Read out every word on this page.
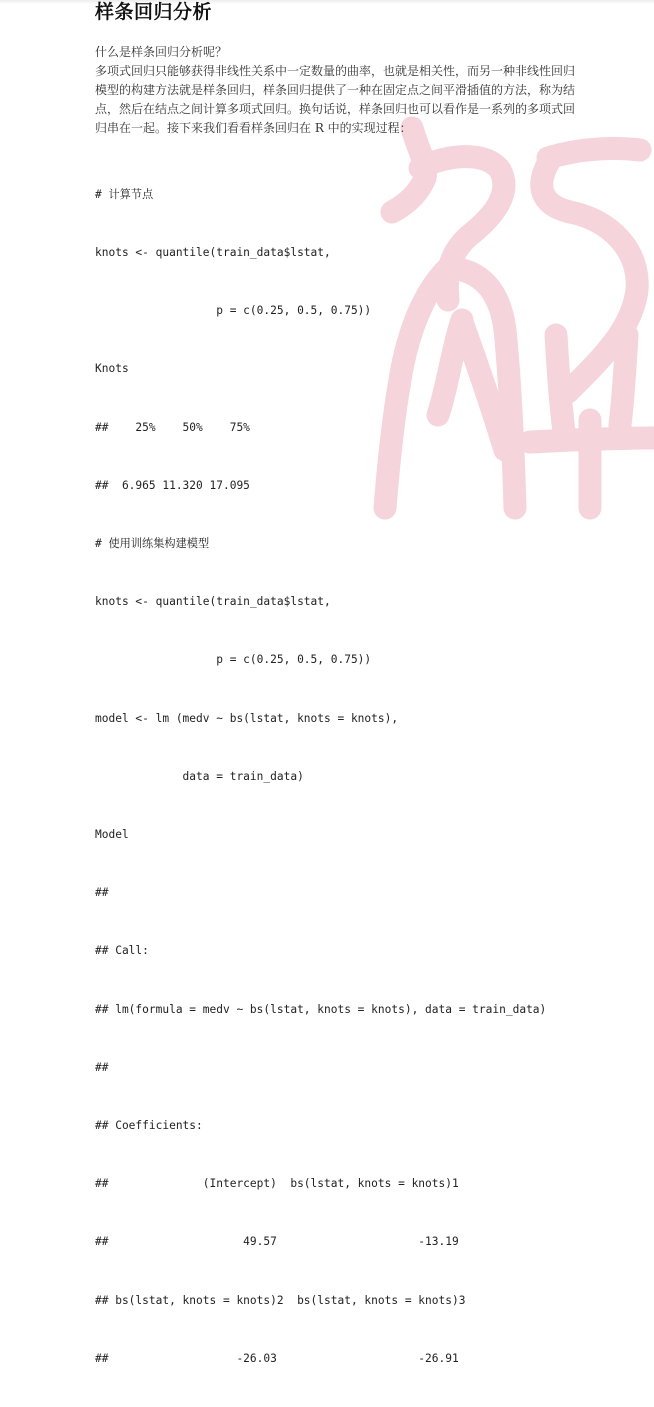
样条回归分析
什么是样条回归分析呢？
多项式回归只能够获得非线性关系中一定数量的曲率，也就是相关性，而另一种非线性回归
模型的构建方法就是样条回归，样条回归提供了一种在固定点之间平滑插值的方法，称为结
点，然后在结点之间计算多项式回归。换句话说，样条回归也可以看作是一系列的多项式回
归串在一起。接下来我们看看样条回归在 R 中的实现过程：

# 计算节点

knots <- quantile(train_data$lstat,

p = c(0.25, 0.5, 0.75))

Knots

##    25%    50%    75%

##  6.965 11.320 17.095

# 使用训练集构建模型

knots <- quantile(train_data$lstat,

p = c(0.25, 0.5, 0.75))

model <- lm (medv ~ bs(lstat, knots = knots),

data = train_data)

Model

##

## Call:

## lm(formula = medv ~ bs(lstat, knots = knots), data = train_data)

##

## Coefficients:

##              (Intercept)  bs(lstat, knots = knots)1

##                    49.57                     -13.19

## bs(lstat, knots = knots)2  bs(lstat, knots = knots)3

##                   -26.03                     -26.91
